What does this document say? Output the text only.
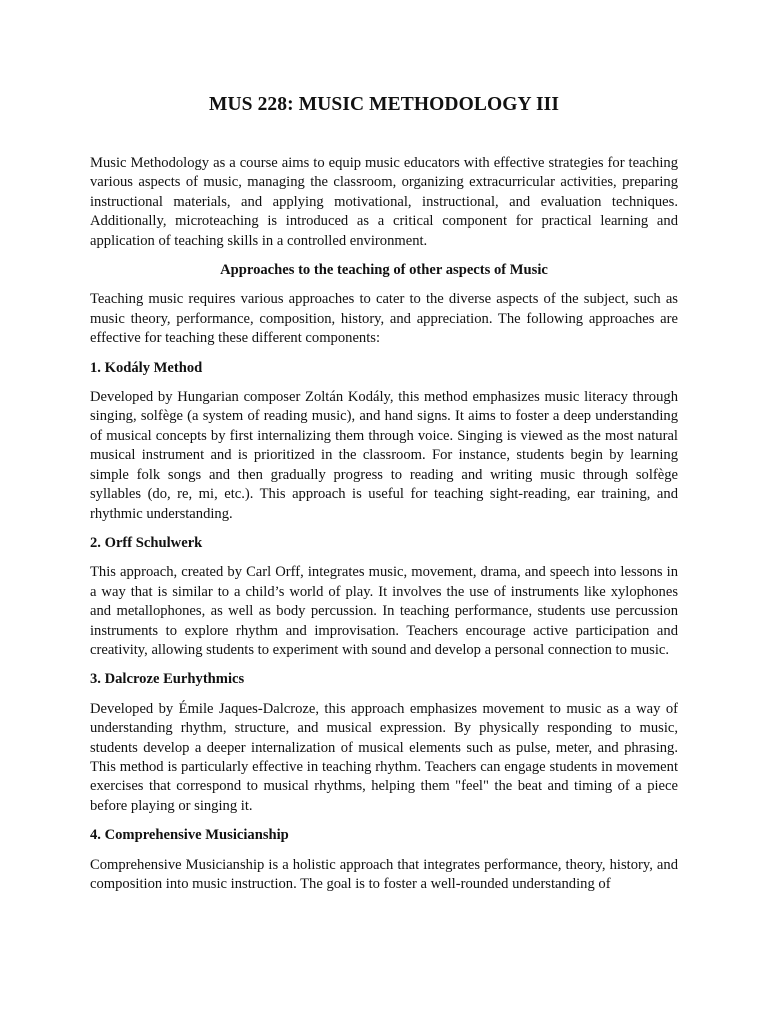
MUS 228: MUSIC METHODOLOGY III

Music Methodology as a course aims to equip music educators with effective strategies for teaching various aspects of music, managing the classroom, organizing extracurricular activities, preparing instructional materials, and applying motivational, instructional, and evaluation techniques. Additionally, microteaching is introduced as a critical component for practical learning and application of teaching skills in a controlled environment.

Approaches to the teaching of other aspects of Music

Teaching music requires various approaches to cater to the diverse aspects of the subject, such as music theory, performance, composition, history, and appreciation. The following approaches are effective for teaching these different components:

1. Kodály Method

Developed by Hungarian composer Zoltán Kodály, this method emphasizes music literacy through singing, solfège (a system of reading music), and hand signs. It aims to foster a deep understanding of musical concepts by first internalizing them through voice. Singing is viewed as the most natural musical instrument and is prioritized in the classroom. For instance, students begin by learning simple folk songs and then gradually progress to reading and writing music through solfège syllables (do, re, mi, etc.). This approach is useful for teaching sight-reading, ear training, and rhythmic understanding.

2. Orff Schulwerk

This approach, created by Carl Orff, integrates music, movement, drama, and speech into lessons in a way that is similar to a child’s world of play. It involves the use of instruments like xylophones and metallophones, as well as body percussion. In teaching performance, students use percussion instruments to explore rhythm and improvisation. Teachers encourage active participation and creativity, allowing students to experiment with sound and develop a personal connection to music.

3. Dalcroze Eurhythmics

Developed by Émile Jaques-Dalcroze, this approach emphasizes movement to music as a way of understanding rhythm, structure, and musical expression. By physically responding to music, students develop a deeper internalization of musical elements such as pulse, meter, and phrasing. This method is particularly effective in teaching rhythm. Teachers can engage students in movement exercises that correspond to musical rhythms, helping them "feel" the beat and timing of a piece before playing or singing it.

4. Comprehensive Musicianship

Comprehensive Musicianship is a holistic approach that integrates performance, theory, history, and composition into music instruction. The goal is to foster a well-rounded understanding of
